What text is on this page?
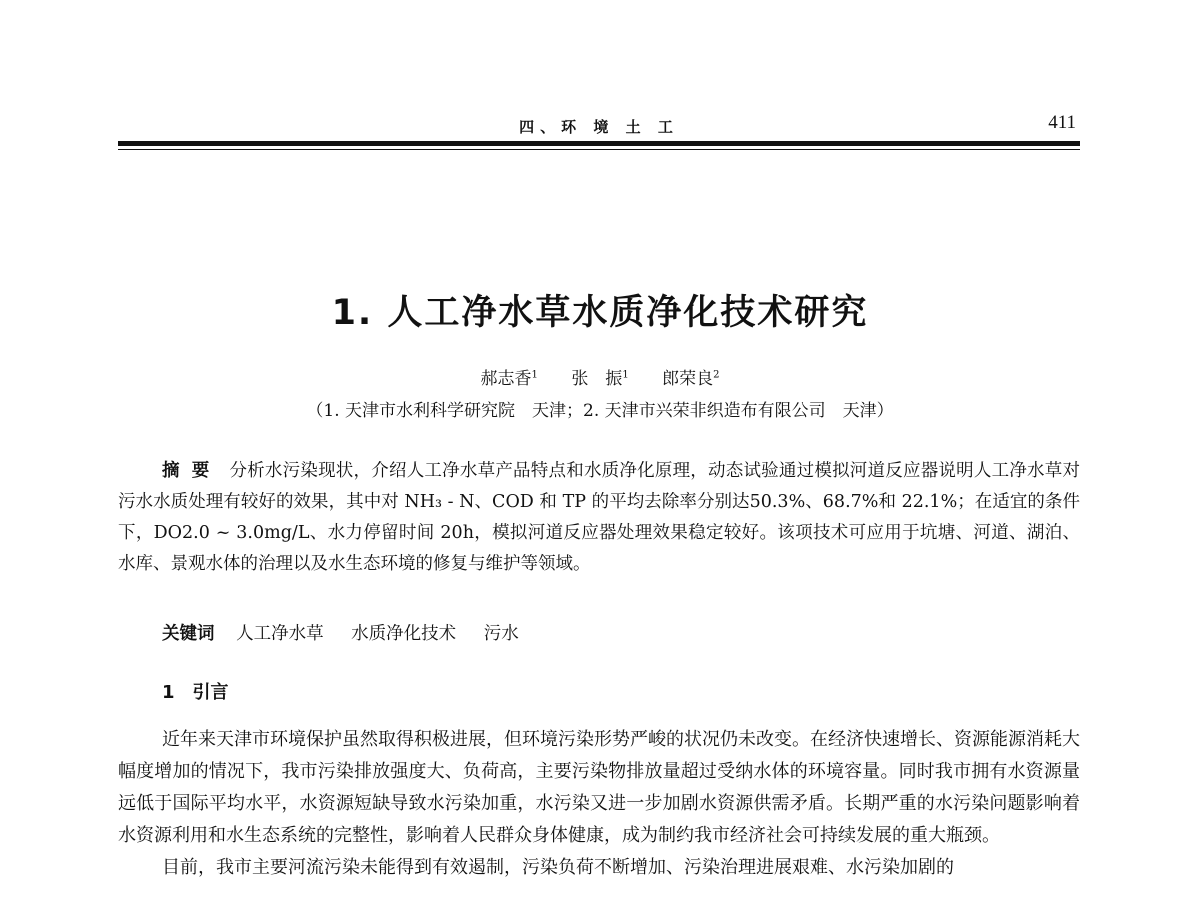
四、环 境 土 工	411
1. 人工净水草水质净化技术研究
郝志香$^1$ 张　振$^1$ 郎荣良$^2$
（1. 天津市水利科学研究院　天津；2. 天津市兴荣非织造布有限公司　天津）
摘要 分析水污染现状，介绍人工净水草产品特点和水质净化原理，动态试验通过模拟河道反应器说明人工净水草对污水水质处理有较好的效果，其中对 NH₃ - N、COD 和 TP 的平均去除率分别达50.3%、68.7%和 22.1%；在适宜的条件下，DO2.0 ~ 3.0mg/L、水力停留时间 20h，模拟河道反应器处理效果稳定较好。该项技术可应用于坑塘、河道、湖泊、水库、景观水体的治理以及水生态环境的修复与维护等领域。
关键词 人工净水草 水质净化技术 污水
1 引言

近年来天津市环境保护虽然取得积极进展，但环境污染形势严峻的状况仍未改变。在经济快速增长、资源能源消耗大幅度增加的情况下，我市污染排放强度大、负荷高，主要污染物排放量超过受纳水体的环境容量。同时我市拥有水资源量远低于国际平均水平，水资源短缺导致水污染加重，水污染又进一步加剧水资源供需矛盾。长期严重的水污染问题影响着水资源利用和水生态系统的完整性，影响着人民群众身体健康，成为制约我市经济社会可持续发展的重大瓶颈。

目前，我市主要河流污染未能得到有效遏制，污染负荷不断增加、污染治理进展艰难、水污染加剧的
